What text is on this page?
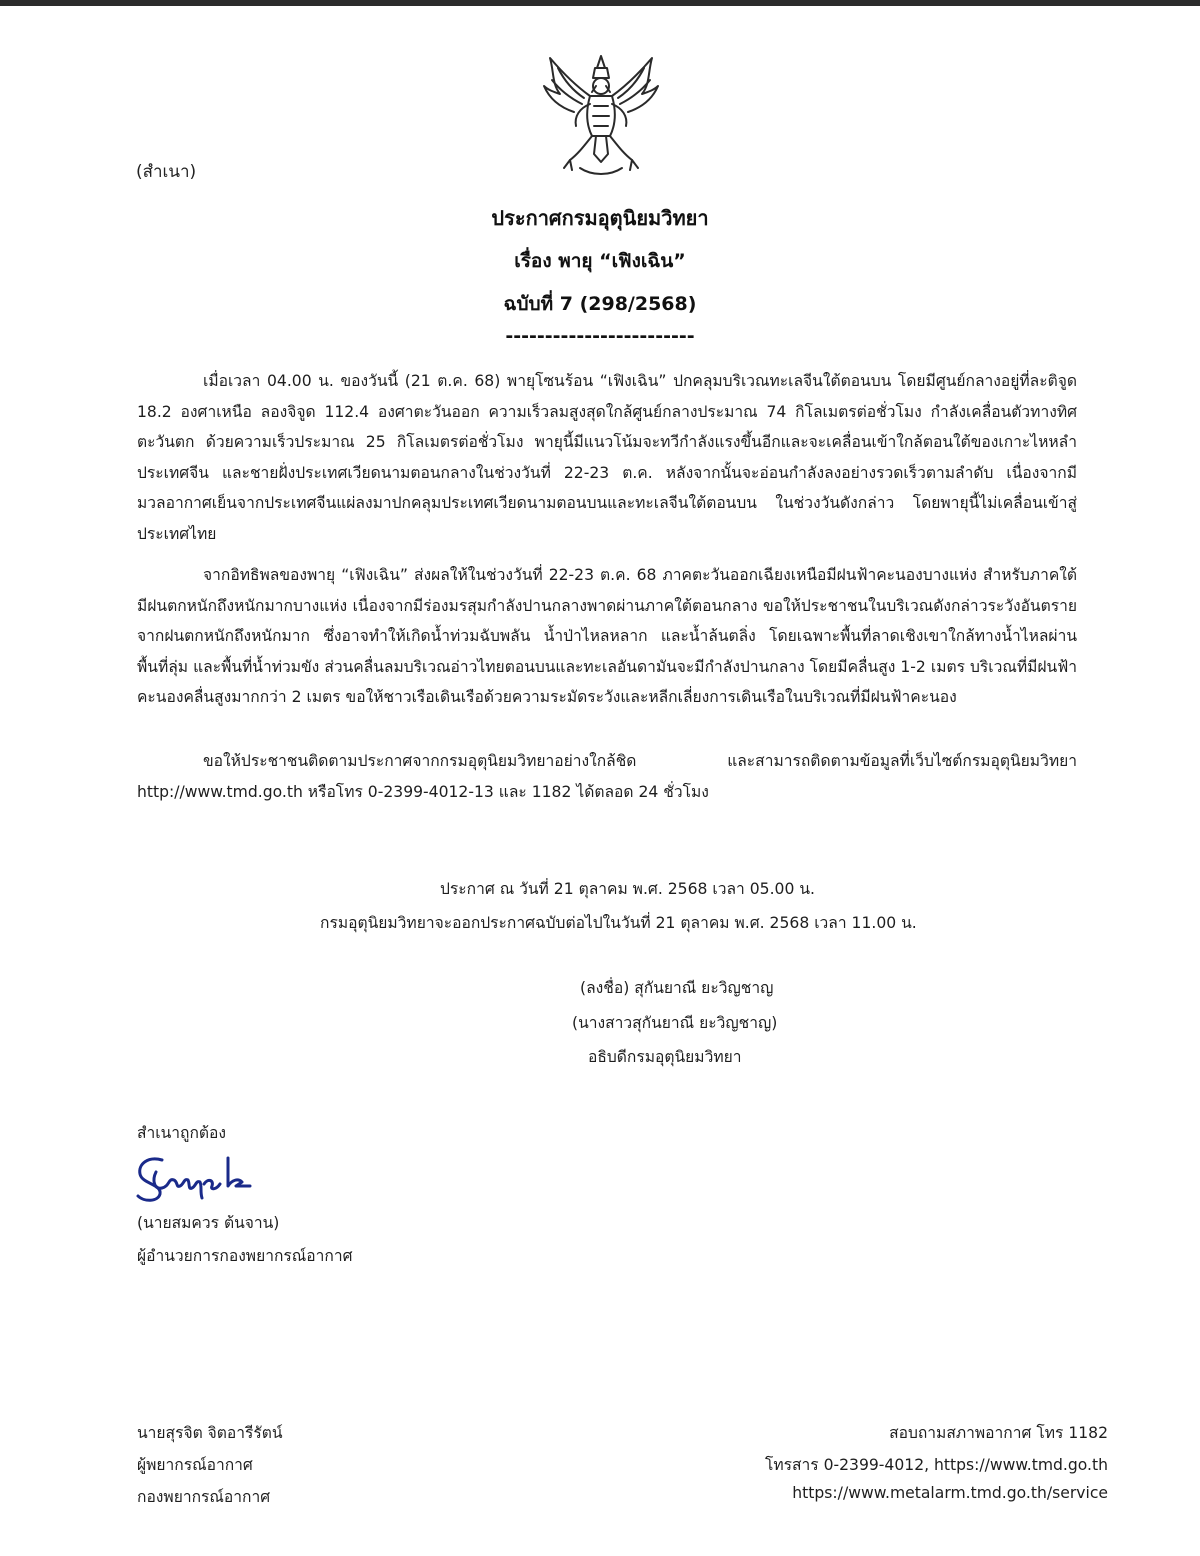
(สำเนา)
ประกาศกรมอุตุนิยมวิทยา
เรื่อง พายุ “เฟิงเฉิน”
ฉบับที่ 7 (298/2568)
------------------------

เมื่อเวลา 04.00 น. ของวันนี้ (21 ต.ค. 68) พายุโซนร้อน “เฟิงเฉิน” ปกคลุมบริเวณทะเลจีนใต้ตอนบน โดยมีศูนย์กลางอยู่ที่ละติจูด 18.2 องศาเหนือ ลองจิจูด 112.4 องศาตะวันออก ความเร็วลมสูงสุดใกล้ศูนย์กลางประมาณ 74 กิโลเมตรต่อชั่วโมง กำลังเคลื่อนตัวทางทิศตะวันตก ด้วยความเร็วประมาณ 25 กิโลเมตรต่อชั่วโมง พายุนี้มีแนวโน้มจะทวีกำลังแรงขึ้นอีกและจะเคลื่อนเข้าใกล้ตอนใต้ของเกาะไหหลำ ประเทศจีน และชายฝั่งประเทศเวียดนามตอนกลางในช่วงวันที่ 22-23 ต.ค. หลังจากนั้นจะอ่อนกำลังลงอย่างรวดเร็วตามลำดับ เนื่องจากมีมวลอากาศเย็นจากประเทศจีนแผ่ลงมาปกคลุมประเทศเวียดนามตอนบนและทะเลจีนใต้ตอนบน ในช่วงวันดังกล่าว โดยพายุนี้ไม่เคลื่อนเข้าสู่ประเทศไทย

จากอิทธิพลของพายุ “เฟิงเฉิน” ส่งผลให้ในช่วงวันที่ 22-23 ต.ค. 68 ภาคตะวันออกเฉียงเหนือมีฝนฟ้าคะนองบางแห่ง สำหรับภาคใต้มีฝนตกหนักถึงหนักมากบางแห่ง เนื่องจากมีร่องมรสุมกำลังปานกลางพาดผ่านภาคใต้ตอนกลาง ขอให้ประชาชนในบริเวณดังกล่าวระวังอันตรายจากฝนตกหนักถึงหนักมาก ซึ่งอาจทำให้เกิดน้ำท่วมฉับพลัน น้ำป่าไหลหลาก และน้ำล้นตลิ่ง โดยเฉพาะพื้นที่ลาดเชิงเขาใกล้ทางน้ำไหลผ่าน พื้นที่ลุ่ม และพื้นที่น้ำท่วมขัง ส่วนคลื่นลมบริเวณอ่าวไทยตอนบนและทะเลอันดามันจะมีกำลังปานกลาง โดยมีคลื่นสูง 1-2 เมตร บริเวณที่มีฝนฟ้าคะนองคลื่นสูงมากกว่า 2 เมตร ขอให้ชาวเรือเดินเรือด้วยความระมัดระวังและหลีกเลี่ยงการเดินเรือในบริเวณที่มีฝนฟ้าคะนอง

ขอให้ประชาชนติดตามประกาศจากกรมอุตุนิยมวิทยาอย่างใกล้ชิด และสามารถติดตามข้อมูลที่เว็บไซต์กรมอุตุนิยมวิทยา http://www.tmd.go.th หรือโทร 0-2399-4012-13 และ 1182 ได้ตลอด 24 ชั่วโมง

ประกาศ ณ วันที่ 21 ตุลาคม พ.ศ. 2568 เวลา 05.00 น.
กรมอุตุนิยมวิทยาจะออกประกาศฉบับต่อไปในวันที่ 21 ตุลาคม พ.ศ. 2568 เวลา 11.00 น.
(ลงชื่อ) สุกันยาณี ยะวิญชาญ
(นางสาวสุกันยาณี ยะวิญชาญ)
อธิบดีกรมอุตุนิยมวิทยา
สำเนาถูกต้อง
(นายสมควร ต้นจาน)
ผู้อำนวยการกองพยากรณ์อากาศ
นายสุรจิต จิตอารีรัตน์
ผู้พยากรณ์อากาศ
กองพยากรณ์อากาศ
สอบถามสภาพอากาศ โทร 1182
โทรสาร 0-2399-4012, https://www.tmd.go.th
https://www.metalarm.tmd.go.th/service
